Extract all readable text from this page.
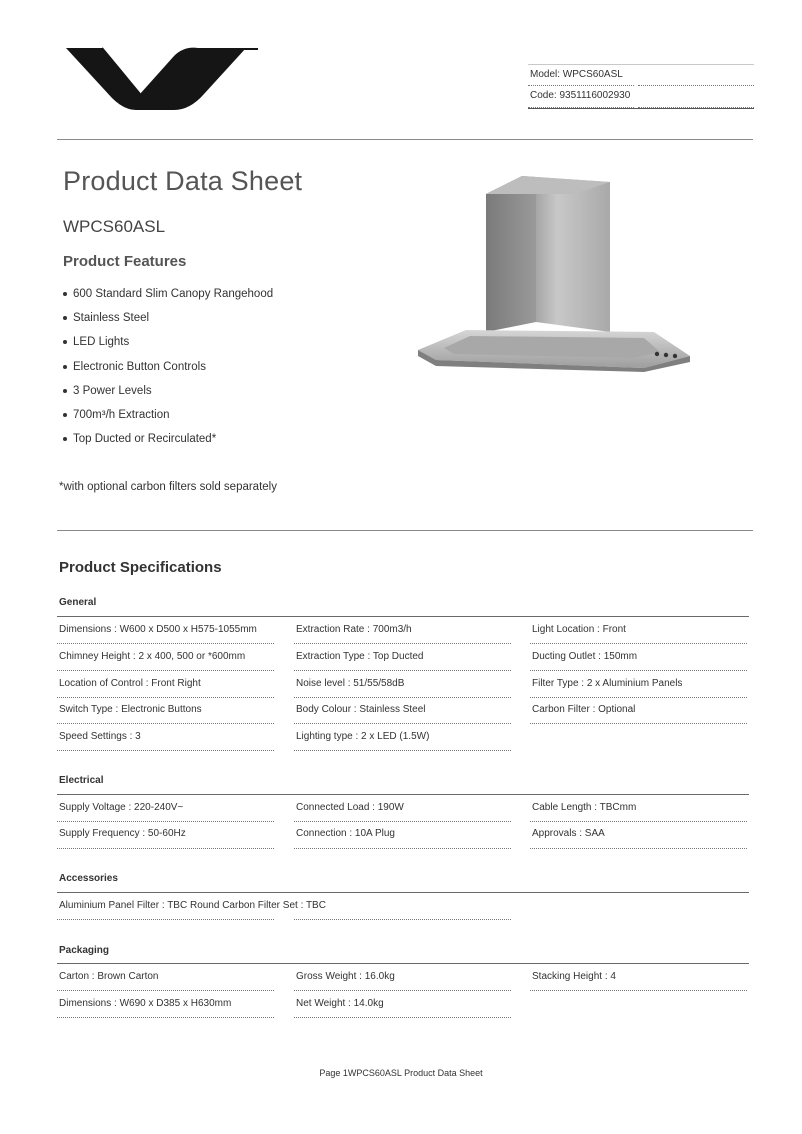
Model: WPCS60ASL
Code: 9351116002930
Product Data Sheet
WPCS60ASL
Product Features
600 Standard Slim Canopy Rangehood
Stainless Steel
LED Lights
Electronic Button Controls
3 Power Levels
700m³/h Extraction
Top Ducted or Recirculated*
*with optional carbon filters sold separately
Product Specifications
General
Dimensions : W600 x D500 x H575-1055mm
Chimney Height : 2 x 400, 500 or *600mm
Location of Control : Front Right
Switch Type : Electronic Buttons
Speed Settings : 3
Extraction Rate : 700m3/h
Extraction Type : Top Ducted
Noise level : 51/55/58dB
Body Colour : Stainless Steel
Lighting type : 2 x LED (1.5W)
Light Location : Front
Ducting Outlet : 150mm
Filter Type : 2 x Aluminium Panels
Carbon Filter : Optional
Electrical
Supply Voltage : 220-240V~
Supply Frequency : 50-60Hz
Connected Load : 190W
Connection : 10A Plug
Cable Length : TBCmm
Approvals : SAA
Accessories
Aluminium Panel Filter : TBC Round Carbon Filter Set : TBC
Packaging
Carton : Brown Carton
Dimensions : W690 x D385 x H630mm
Gross Weight : 16.0kg
Net Weight : 14.0kg
Stacking Height : 4
Page 1WPCS60ASL Product Data Sheet
